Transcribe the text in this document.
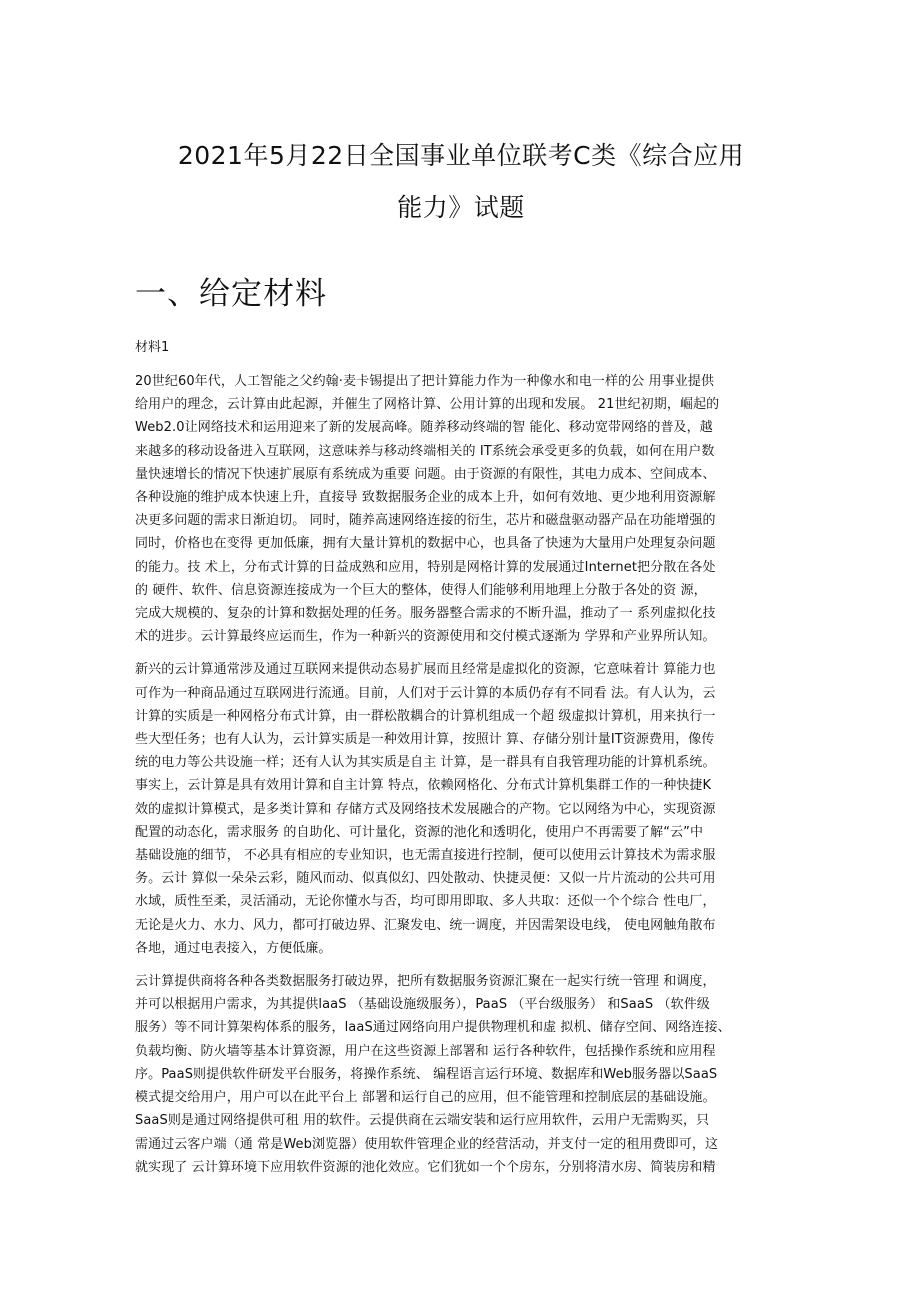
2021年5月22日全国事业单位联考C类《综合应用
能力》试题
一、给定材料

材料1

20世纪60年代，人工智能之父约翰·麦卡锡提出了把计算能力作为一种像水和电一样的公 用事业提供
给用户的理念，云计算由此起源，并催生了网格计算、公用计算的出现和发展。 21世纪初期，崛起的
Web2.0让网络技术和运用迎来了新的发展高峰。随养移动终端的智 能化、移动宽带网络的普及，越
来越多的移动设备进入互联网，这意味养与移动终端相关的 IT系统会承受更多的负载，如何在用户数
量快速增长的情况下快速扩展原有系统成为重要 问题。由于资源的有限性，其电力成本、空间成本、
各种设施的维护成本快速上升，直接导 致数据服务企业的成本上升，如何有效地、更少地利用资源解
决更多问题的需求日渐迫切。 同时，随养高速网络连接的衍生，芯片和磁盘驱动器产品在功能增强的
同时，价格也在变得 更加低廉，拥有大量计算机的数据中心，也具备了快速为大量用户处理复杂问题
的能力。技 术上，分布式计算的日益成熟和应用，特别是网格计算的发展通过Internet把分散在各处
的 硬件、软件、信息资源连接成为一个巨大的整体，使得人们能够利用地理上分散于各处的资 源，
完成大规模的、复杂的计算和数据处理的任务。服务器整合需求的不断升温，推动了一 系列虚拟化技
术的进步。云计算最终应运而生，作为一种新兴的资源使用和交付模式逐渐为 学界和产业界所认知。

新兴的云计算通常涉及通过互联网来提供动态易扩展而且经常是虚拟化的资源，它意味着计 算能力也
可作为一种商品通过互联网进行流通。目前，人们对于云计算的本质仍存有不同看 法。有人认为，云
计算的实质是一种网格分布式计算，由一群松散耦合的计算机组成一个超 级虚拟计算机，用来执行一
些大型任务；也有人认为，云计算实质是一种效用计算，按照计 算、存储分别计量IT资源费用，像传
统的电力等公共设施一样；还有人认为其实质是自主 计算，是一群具有自我管理功能的计算机系统。
事实上，云计算是具有效用计算和自主计算 特点，依赖网格化、分布式计算机集群工作的一种快捷K
效的虚拟计算模式，是多类计算和 存储方式及网络技术发展融合的产物。它以网络为中心，实现资源
配置的动态化，需求服务 的自助化、可计量化，资源的池化和透明化，使用户不再需要了解“云”中
基础设施的细节， 不必具有相应的专业知识，也无需直接进行控制，便可以使用云计算技术为需求服
务。云计 算似一朵朵云彩，随风而动、似真似幻、四处散动、快捷灵便：又似一片片流动的公共可用
水域，质性至柔，灵活涌动，无论你懂水与否，均可即用即取、多人共取：还似一个个综合 性电厂，
无论是火力、水力、风力，都可打破边界、汇聚发电、统一调度，并因需架设电线， 使电网触角散布
各地，通过电表接入，方便低廉。

云计算提供商将各种各类数据服务打破边界，把所有数据服务资源汇聚在一起实行统一管理 和调度，
并可以根据用户需求，为其提供laaS （基础设施级服务），PaaS （平台级服务） 和SaaS （软件级
服务）等不同计算架构体系的服务，laaS通过网络向用户提供物理机和虚 拟机、储存空间、网络连接、
负载均衡、防火墙等基本计算资源，用户在这些资源上部署和 运行各种软件，包括操作系统和应用程
序。PaaS则提供软件研发平台服务，将操作系统、 编程语言运行环境、数据库和Web服务器以SaaS
模式提交给用户，用户可以在此平台上 部署和运行自己的应用，但不能管理和控制底层的基础设施。
SaaS则是通过网络提供可租 用的软件。云提供商在云端安装和运行应用软件，云用户无需购买，只
需通过云客户端（通 常是Web浏览器）使用软件管理企业的经营活动，并支付一定的租用费即可，这
就实现了 云计算环境下应用软件资源的池化效应。它们犹如一个个房东，分别将清水房、简装房和精
